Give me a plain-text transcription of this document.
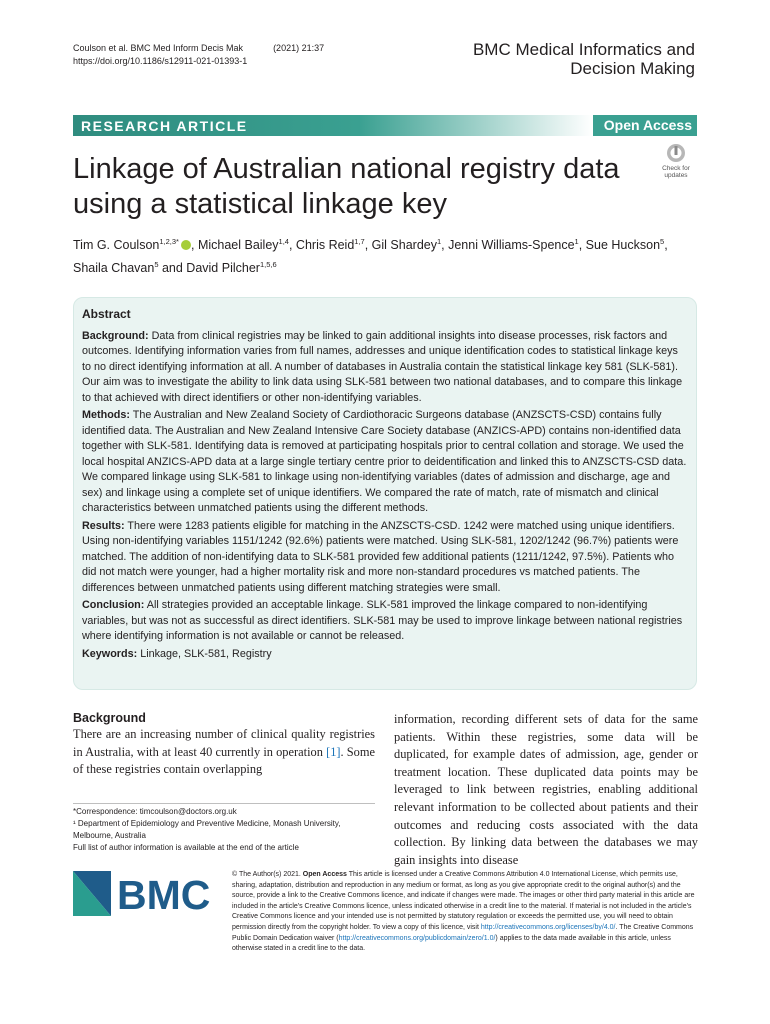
Coulson et al. BMC Med Inform Decis Mak	(2021) 21:37
https://doi.org/10.1186/s12911-021-01393-1
BMC Medical Informatics and
Decision Making
RESEARCH ARTICLE	Open Access
Linkage of Australian national registry data
using a statistical linkage key
Check for
updates
Tim G. Coulson$^{1,2,3*}$ , Michael Bailey$^{1,4}$, Chris Reid$^{1,7}$, Gil Shardey$^1$, Jenni Williams-Spence$^1$, Sue Huckson$^5$,
Shaila Chavan$^5$ and David Pilcher$^{1,5,6}$

Abstract

Background: Data from clinical registries may be linked to gain additional insights into disease processes, risk factors and outcomes. Identifying information varies from full names, addresses and unique identification codes to statistical linkage keys to no direct identifying information at all. A number of databases in Australia contain the statistical linkage key 581 (SLK-581). Our aim was to investigate the ability to link data using SLK-581 between two national databases, and to compare this linkage to that achieved with direct identifiers or other non-identifying variables.

Methods: The Australian and New Zealand Society of Cardiothoracic Surgeons database (ANZSCTS-CSD) contains fully identified data. The Australian and New Zealand Intensive Care Society database (ANZICS-APD) contains non-identified data together with SLK-581. Identifying data is removed at participating hospitals prior to central collation and storage. We used the local hospital ANZICS-APD data at a large single tertiary centre prior to deidentification and linked this to ANZSCTS-CSD data. We compared linkage using SLK-581 to linkage using non-identifying variables (dates of admission and discharge, age and sex) and linkage using a complete set of unique identifiers. We compared the rate of match, rate of mismatch and clinical characteristics between unmatched patients using the different methods.

Results: There were 1283 patients eligible for matching in the ANZSCTS-CSD. 1242 were matched using unique identifiers. Using non-identifying variables 1151/1242 (92.6%) patients were matched. Using SLK-581, 1202/1242 (96.7%) patients were matched. The addition of non-identifying data to SLK-581 provided few additional patients (1211/1242, 97.5%). Patients who did not match were younger, had a higher mortality risk and more non-standard procedures vs matched patients. The differences between unmatched patients using different matching strategies were small.

Conclusion: All strategies provided an acceptable linkage. SLK-581 improved the linkage compared to non-identifying variables, but was not as successful as direct identifiers. SLK-581 may be used to improve linkage between national registries where identifying information is not available or cannot be released.

Keywords: Linkage, SLK-581, Registry

Background
There are an increasing number of clinical quality registries in Australia, with at least 40 currently in operation [1]. Some of these registries contain overlapping
*Correspondence: timcoulson@doctors.org.uk
¹ Department of Epidemiology and Preventive Medicine, Monash University, Melbourne, Australia
Full list of author information is available at the end of the article
information, recording different sets of data for the same patients. Within these registries, some data will be duplicated, for example dates of admission, age, gender or treatment location. These duplicated data points may be leveraged to link between registries, enabling additional relevant information to be collected about patients and their outcomes and reducing costs associated with the data collection. By linking data between the databases we may gain insights into disease
BMC	© The Author(s) 2021. Open Access This article is licensed under a Creative Commons Attribution 4.0 International License, which permits use, sharing, adaptation, distribution and reproduction in any medium or format, as long as you give appropriate credit to the original author(s) and the source, provide a link to the Creative Commons licence, and indicate if changes were made. The images or other third party material in this article are included in the article's Creative Commons licence, unless indicated otherwise in a credit line to the material. If material is not included in the article's Creative Commons licence and your intended use is not permitted by statutory regulation or exceeds the permitted use, you will need to obtain permission directly from the copyright holder. To view a copy of this licence, visit http://creativecommons.org/licenses/by/4.0/. The Creative Commons Public Domain Dedication waiver (http://creativecommons.org/publicdomain/zero/1.0/) applies to the data made available in this article, unless otherwise stated in a credit line to the data.
